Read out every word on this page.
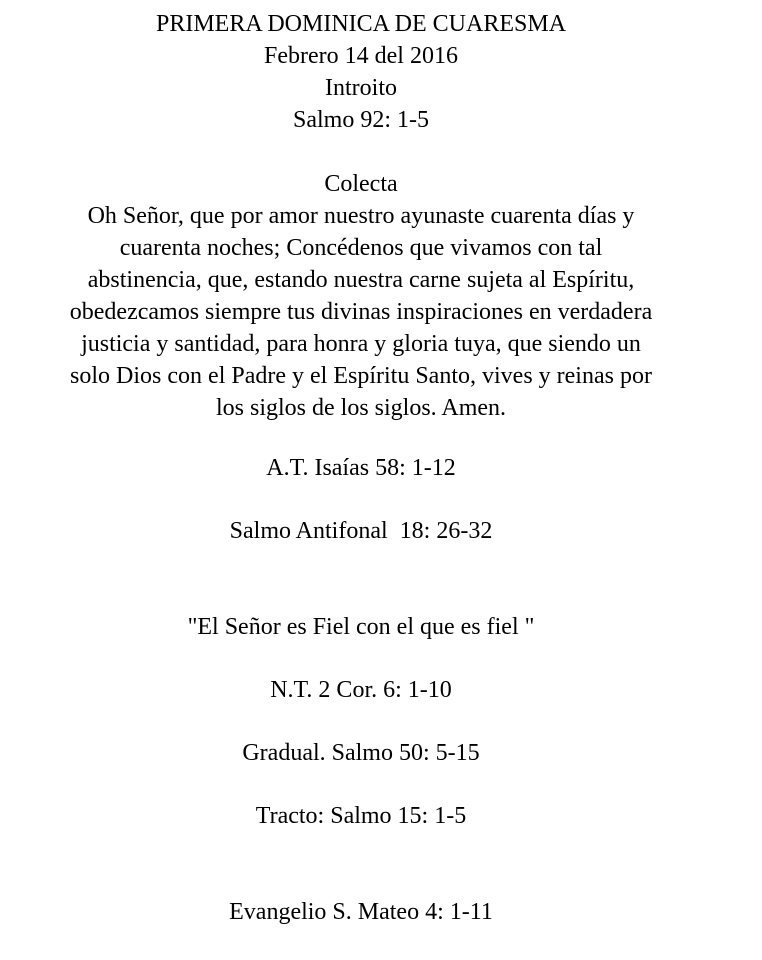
PRIMERA DOMINICA DE CUARESMA

Febrero 14 del 2016

Introito

Salmo 92: 1-5

Colecta

Oh Señor, que por amor nuestro ayunaste cuarenta días y
cuarenta noches; Concédenos que vivamos con tal
abstinencia, que, estando nuestra carne sujeta al Espíritu,
obedezcamos siempre tus divinas inspiraciones en verdadera
justicia y santidad, para honra y gloria tuya, que siendo un
solo Dios con el Padre y el Espíritu Santo, vives y reinas por
los siglos de los siglos. Amen.

A.T. Isaías 58: 1-12

Salmo Antifonal  18: 26-32

"El Señor es Fiel con el que es fiel "

N.T. 2 Cor. 6: 1-10

Gradual. Salmo 50: 5-15

Tracto: Salmo 15: 1-5

Evangelio S. Mateo 4: 1-11
